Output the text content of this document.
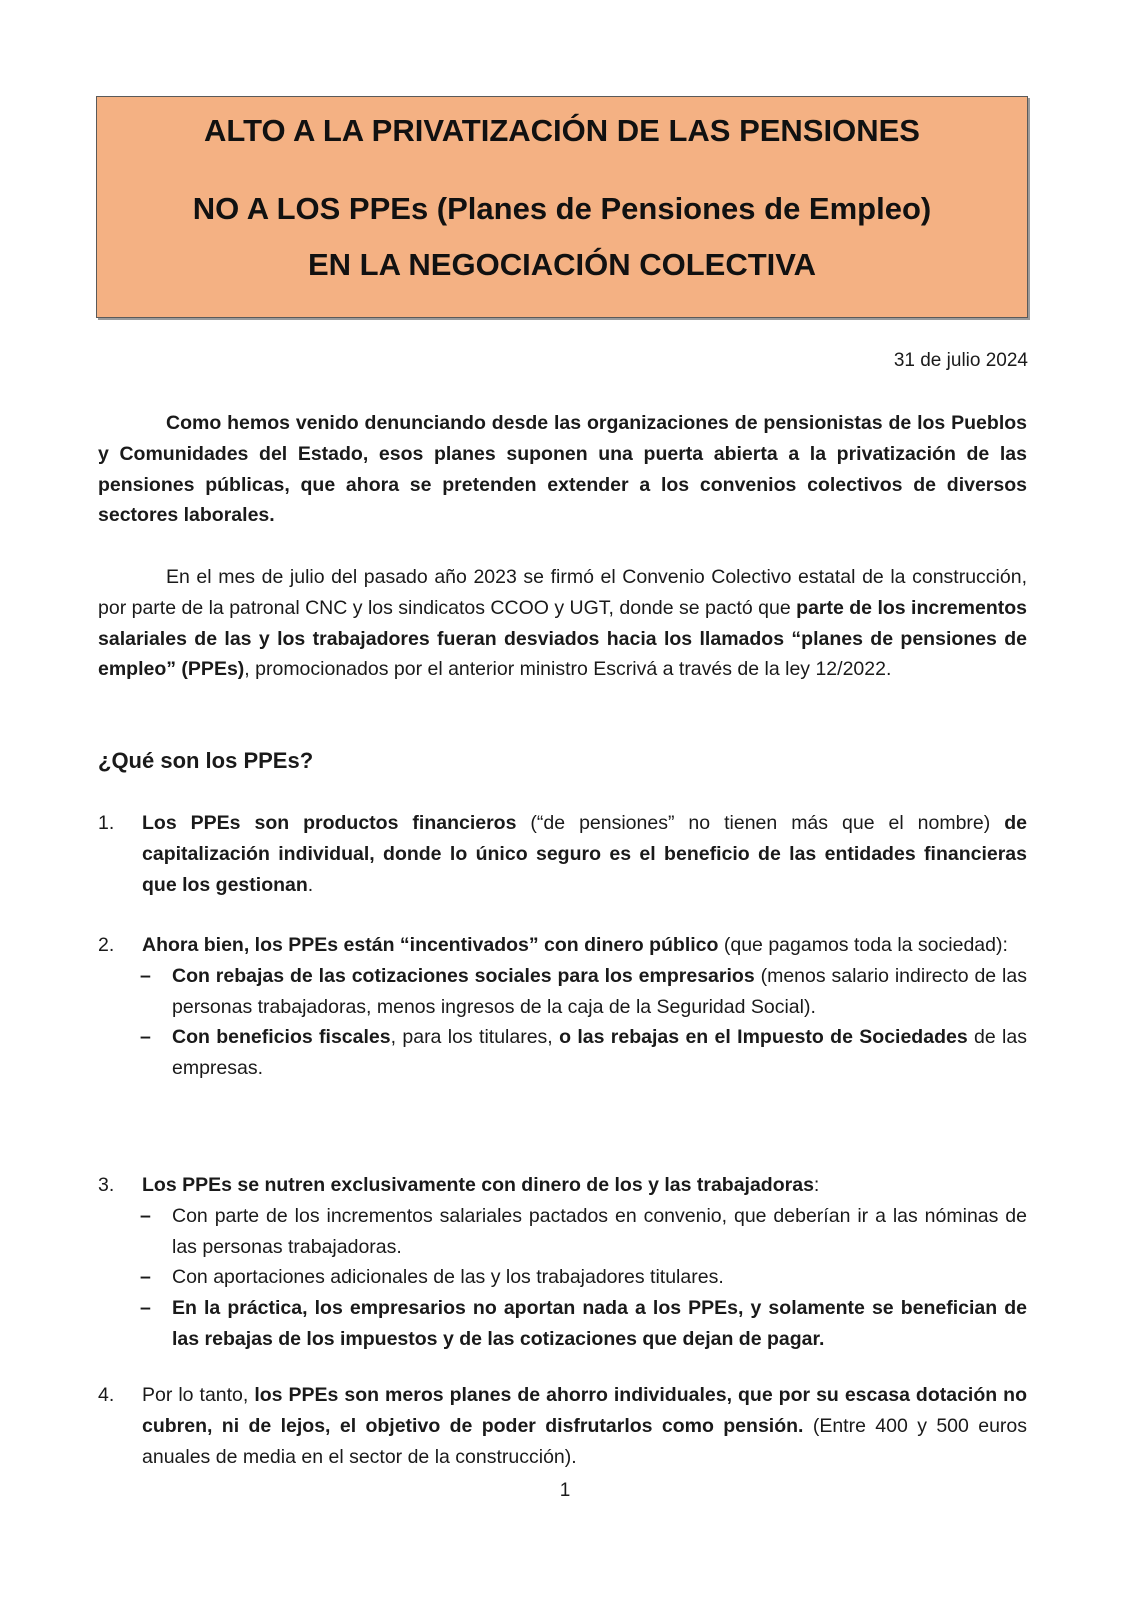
ALTO A LA PRIVATIZACIÓN DE LAS PENSIONES
NO A LOS PPEs (Planes de Pensiones de Empleo)
EN LA NEGOCIACIÓN COLECTIVA
31 de julio 2024

Como hemos venido denunciando desde las organizaciones de pensionistas de los Pueblos y Comunidades del Estado, esos planes suponen una puerta abierta a la privatización de las pensiones públicas, que ahora se pretenden extender a los convenios colectivos de diversos sectores laborales.

En el mes de julio del pasado año 2023 se firmó el Convenio Colectivo estatal de la construcción, por parte de la patronal CNC y los sindicatos CCOO y UGT, donde se pactó que parte de los incrementos salariales de las y los trabajadores fueran desviados hacia los llamados “planes de pensiones de empleo” (PPEs), promocionados por el anterior ministro Escrivá a través de la ley 12/2022.

¿Qué son los PPEs?
1.	Los PPEs son productos financieros (“de pensiones” no tienen más que el nombre) de capitalización individual, donde lo único seguro es el beneficio de las entidades financieras que los gestionan.
2.	Ahora bien, los PPEs están “incentivados” con dinero público (que pagamos toda la sociedad):
– Con rebajas de las cotizaciones sociales para los empresarios (menos salario indirecto de las personas trabajadoras, menos ingresos de la caja de la Seguridad Social).
– Con beneficios fiscales, para los titulares, o las rebajas en el Impuesto de Sociedades de las empresas.
3.	Los PPEs se nutren exclusivamente con dinero de los y las trabajadoras:
– Con parte de los incrementos salariales pactados en convenio, que deberían ir a las nóminas de las personas trabajadoras.
– Con aportaciones adicionales de las y los trabajadores titulares.
– En la práctica, los empresarios no aportan nada a los PPEs, y solamente se benefician de las rebajas de los impuestos y de las cotizaciones que dejan de pagar.
4.	Por lo tanto, los PPEs son meros planes de ahorro individuales, que por su escasa dotación no cubren, ni de lejos, el objetivo de poder disfrutarlos como pensión. (Entre 400 y 500 euros anuales de media en el sector de la construcción).
1
